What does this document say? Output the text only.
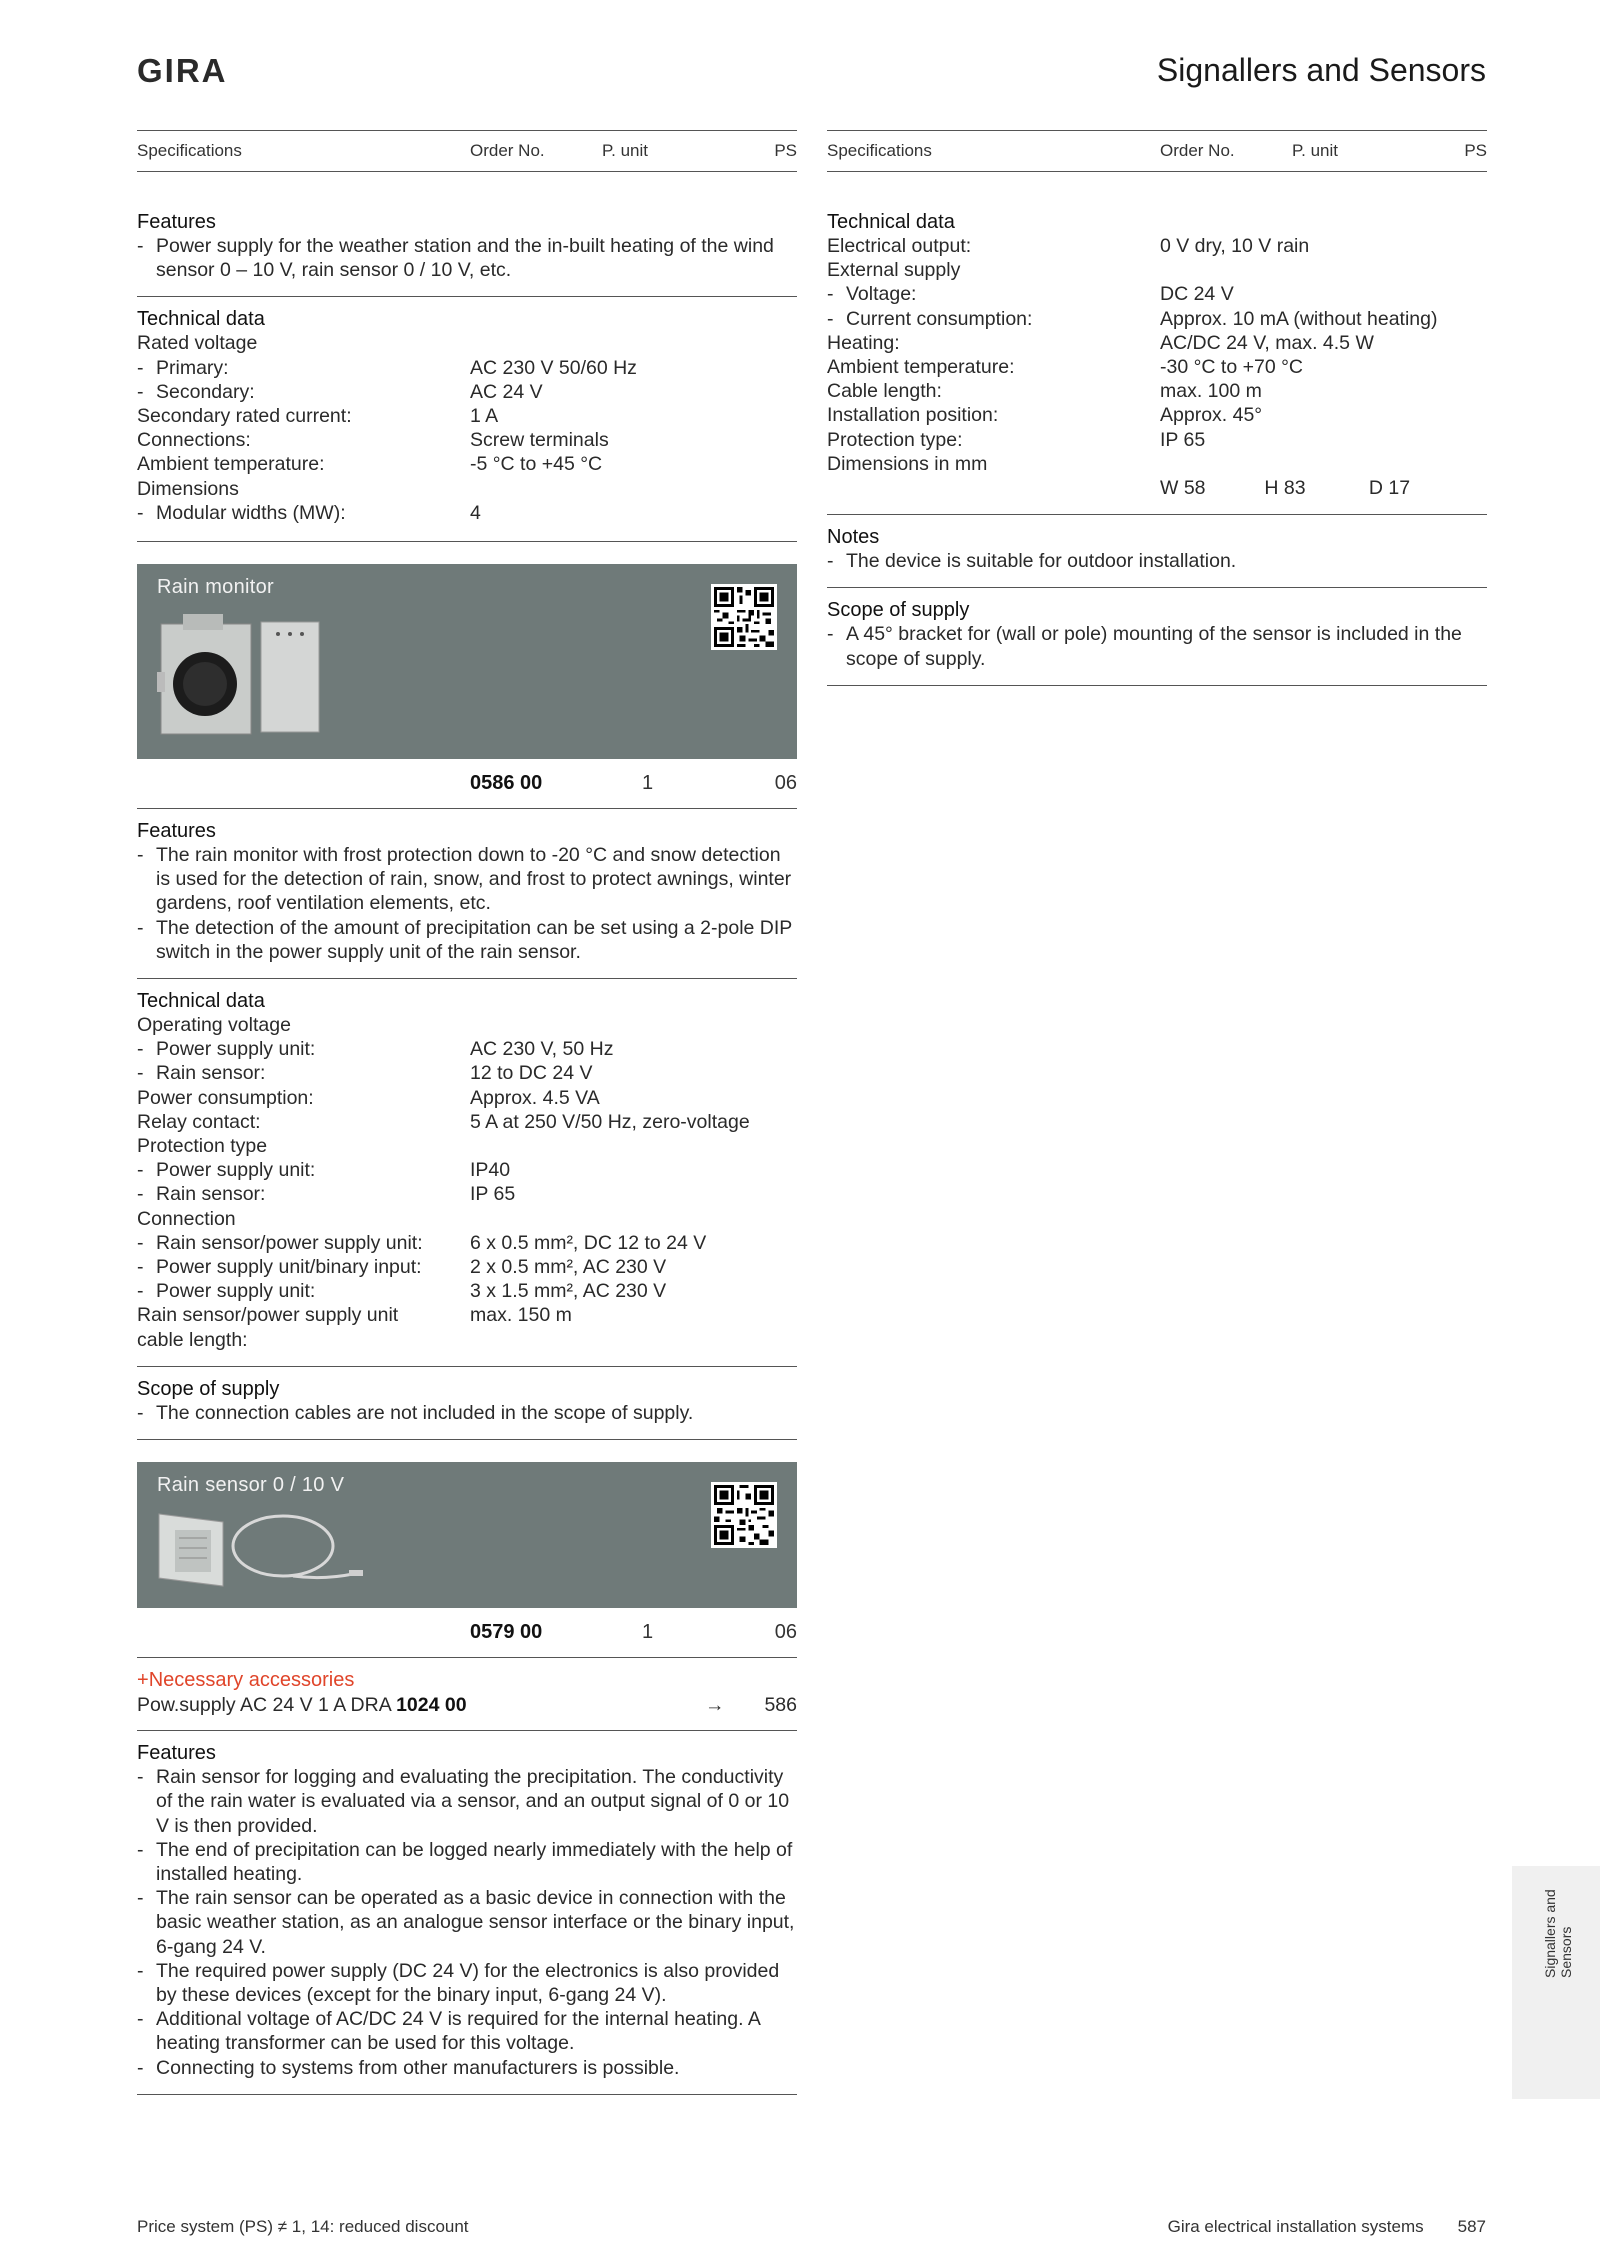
GIRA	Signallers and Sensors
Specifications	Order No.	P. unit	PS
Features
- Power supply for the weather station and the in-built heating of the wind sensor 0 – 10 V, rain sensor 0 / 10 V, etc.
Technical data
Rated voltage
- Primary:	AC 230 V 50/60 Hz
- Secondary:	AC 24 V
Secondary rated current:	1 A
Connections:	Screw terminals
Ambient temperature:	-5 °C to +45 °C
Dimensions
- Modular widths (MW):	4
Rain monitor
0586 00	1	06
Features
- The rain monitor with frost protection down to -20 °C and snow detection is used for the detection of rain, snow, and frost to protect awnings, winter gardens, roof ventilation elements, etc.
- The detection of the amount of precipitation can be set using a 2-pole DIP switch in the power supply unit of the rain sensor.
Technical data
Operating voltage
- Power supply unit:	AC 230 V, 50 Hz
- Rain sensor:	12 to DC 24 V
Power consumption:	Approx. 4.5 VA
Relay contact:	5 A at 250 V/50 Hz, zero-voltage
Protection type
- Power supply unit:	IP40
- Rain sensor:	IP 65
Connection
- Rain sensor/power supply unit:	6 x 0.5 mm², DC 12 to 24 V
- Power supply unit/binary input:	2 x 0.5 mm², AC 230 V
- Power supply unit:	3 x 1.5 mm², AC 230 V
Rain sensor/power supply unit cable length:
max. 150 m
Scope of supply
- The connection cables are not included in the scope of supply.
Rain sensor 0 / 10 V
0579 00	1	06
+Necessary accessories
Pow.supply AC 24 V 1 A DRA 1024 00	→ 586
Features
- Rain sensor for logging and evaluating the precipitation. The conductivity of the rain water is evaluated via a sensor, and an output signal of 0 or 10 V is then provided.
- The end of precipitation can be logged nearly immediately with the help of installed heating.
- The rain sensor can be operated as a basic device in connection with the basic weather station, as an analogue sensor interface or the binary input, 6-gang 24 V.
- The required power supply (DC 24 V) for the electronics is also provided by these devices (except for the binary input, 6-gang 24 V).
- Additional voltage of AC/DC 24 V is required for the internal heating. A heating transformer can be used for this voltage.
- Connecting to systems from other manufacturers is possible.
Specifications	Order No.	P. unit	PS
Technical data
Electrical output:	0 V dry, 10 V rain
External supply
- Voltage:	DC 24 V
- Current consumption:	Approx. 10 mA (without heating)
Heating:	AC/DC 24 V, max. 4.5 W
Ambient temperature:	-30 °C to +70 °C
Cable length:	max. 100 m
Installation position:	Approx. 45°
Protection type:	IP 65
Dimensions in mm
W 58	H 83	D 17
Notes
- The device is suitable for outdoor installation.
Scope of supply
- A 45° bracket for (wall or pole) mounting of the sensor is included in the scope of supply.
Signallers and Sensors
Price system (PS) ≠ 1, 14: reduced discount	Gira electrical installation systems 587
